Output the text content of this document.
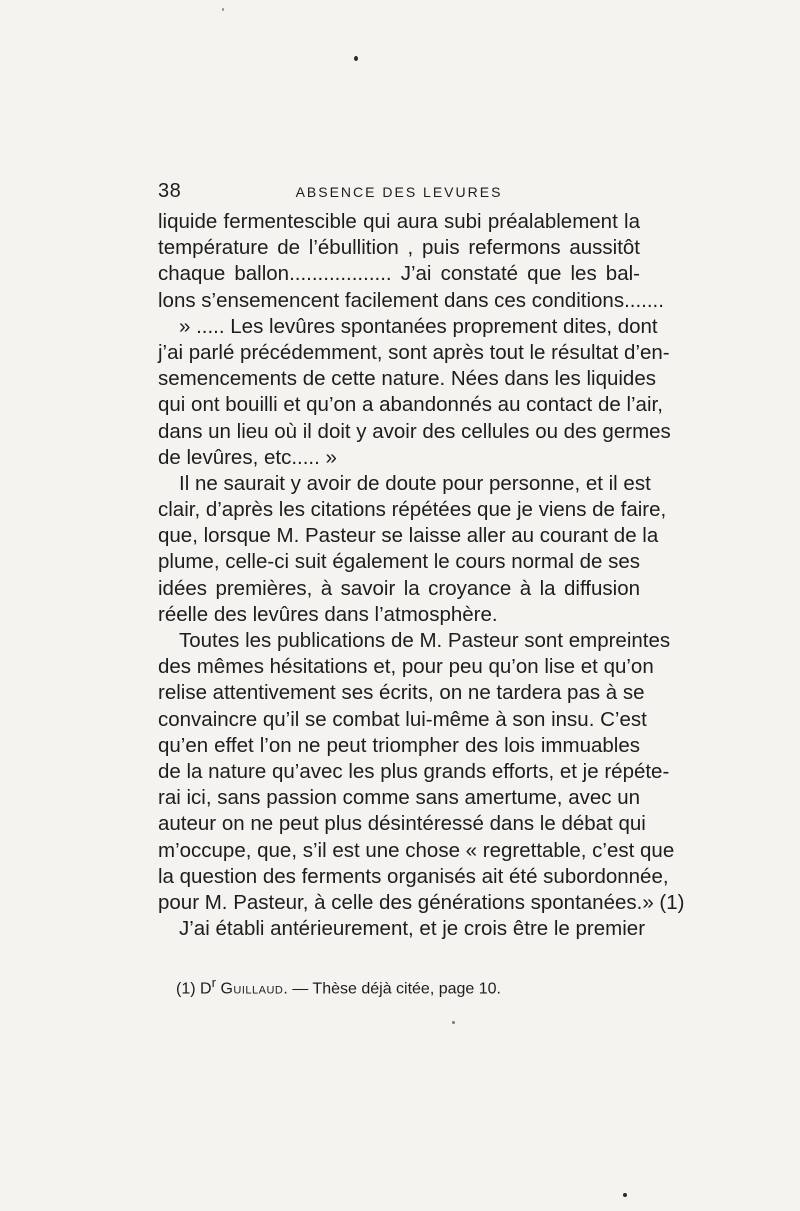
38	ABSENCE DES LEVURES
liquide fermentescible qui aura subi préalablement la
température de l’ébullition , puis refermons aussitôt
chaque ballon.................. J’ai constaté que les bal-
lons s’ensemencent facilement dans ces conditions.......
» ..... Les levûres spontanées proprement dites, dont
j’ai parlé précédemment, sont après tout le résultat d’en-
semencements de cette nature. Nées dans les liquides
qui ont bouilli et qu’on a abandonnés au contact de l’air,
dans un lieu où il doit y avoir des cellules ou des germes
de levûres, etc..... »
Il ne saurait y avoir de doute pour personne, et il est
clair, d’après les citations répétées que je viens de faire,
que, lorsque M. Pasteur se laisse aller au courant de la
plume, celle-ci suit également le cours normal de ses
idées premières, à savoir la croyance à la diffusion
réelle des levûres dans l’atmosphère.
Toutes les publications de M. Pasteur sont empreintes
des mêmes hésitations et, pour peu qu’on lise et qu’on
relise attentivement ses écrits, on ne tardera pas à se
convaincre qu’il se combat lui-même à son insu. C’est
qu’en effet l’on ne peut triompher des lois immuables
de la nature qu’avec les plus grands efforts, et je répéte-
rai ici, sans passion comme sans amertume, avec un
auteur on ne peut plus désintéressé dans le débat qui
m’occupe, que, s’il est une chose « regrettable, c’est que
la question des ferments organisés ait été subordonnée,
pour M. Pasteur, à celle des générations spontanées.» (1)
J’ai établi antérieurement, et je crois être le premier
(1) $D^r$ Guillaud. — Thèse déjà citée, page 10.
